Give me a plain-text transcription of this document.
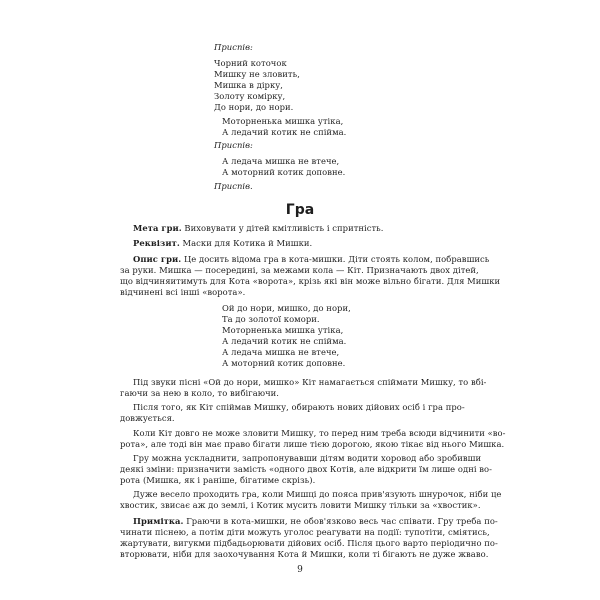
Приспів:
Чорний коточок
Мишку не зловить,
Мишка в дірку,
Золоту комірку,
До нори, до нори.
Моторненька мишка утіка,
А ледачий котик не спійма.
Приспів:
А ледача мишка не втече,
А моторний котик доповне.
Приспів.
Гра
Мета гри. Виховувати у дітей кмітливість і спритність.
Реквізит. Маски для Котика й Мишки.
Опис гри. Це досить відома гра в кота-мишки. Діти стоять колом, побравшись
за руки. Мишка — посередині, за межами кола — Кіт. Призначають двох дітей,
що відчиняитимуть для Кота «ворота», крізь які він може вільно бігати. Для Мишки
відчинені всі інші «ворота».
Ой до нори, мишко, до нори,
Та до золотої комори.
Моторненька мишка утіка,
А ледачий котик не спійма.
А ледача мишка не втече,
А моторний котик доповне.
Під звуки пісні «Ой до нори, мишко» Кіт намагається спіймати Мишку, то вбі-
гаючи за нею в коло, то вибігаючи.
Після того, як Кіт спіймав Мишку, обирають нових дійових осіб і гра про-
довжується.
Коли Кіт довго не може зловити Мишку, то перед ним треба всюди відчинити «во-
рота», але тоді він має право бігати лише тією дорогою, якою тікає від нього Мишка.
Гру можна ускладнити, запропонувавши дітям водити хоровод або зробивши
деякі зміни: призначити замість «одного двох Котів, але відкрити їм лише одні во-
рота (Мишка, як і раніше, бігатиме скрізь).
Дуже весело проходить гра, коли Мишці до пояса прив'язують шнурочок, ніби це
хвостик, звисає аж до землі, і Котик мусить ловити Мишку тільки за «хвостик».
Примітка. Граючи в кота-мишки, не обов'язково весь час співати. Гру треба по-
чинати піснею, а потім діти можуть уголос реагувати на події: тупотіти, сміятись,
жартувати, вигукми підбадьорювати дійових осіб. Після цього варто періодично по-
вторювати, ніби для заохочування Кота й Мишки, коли ті бігають не дуже жваво.
9
